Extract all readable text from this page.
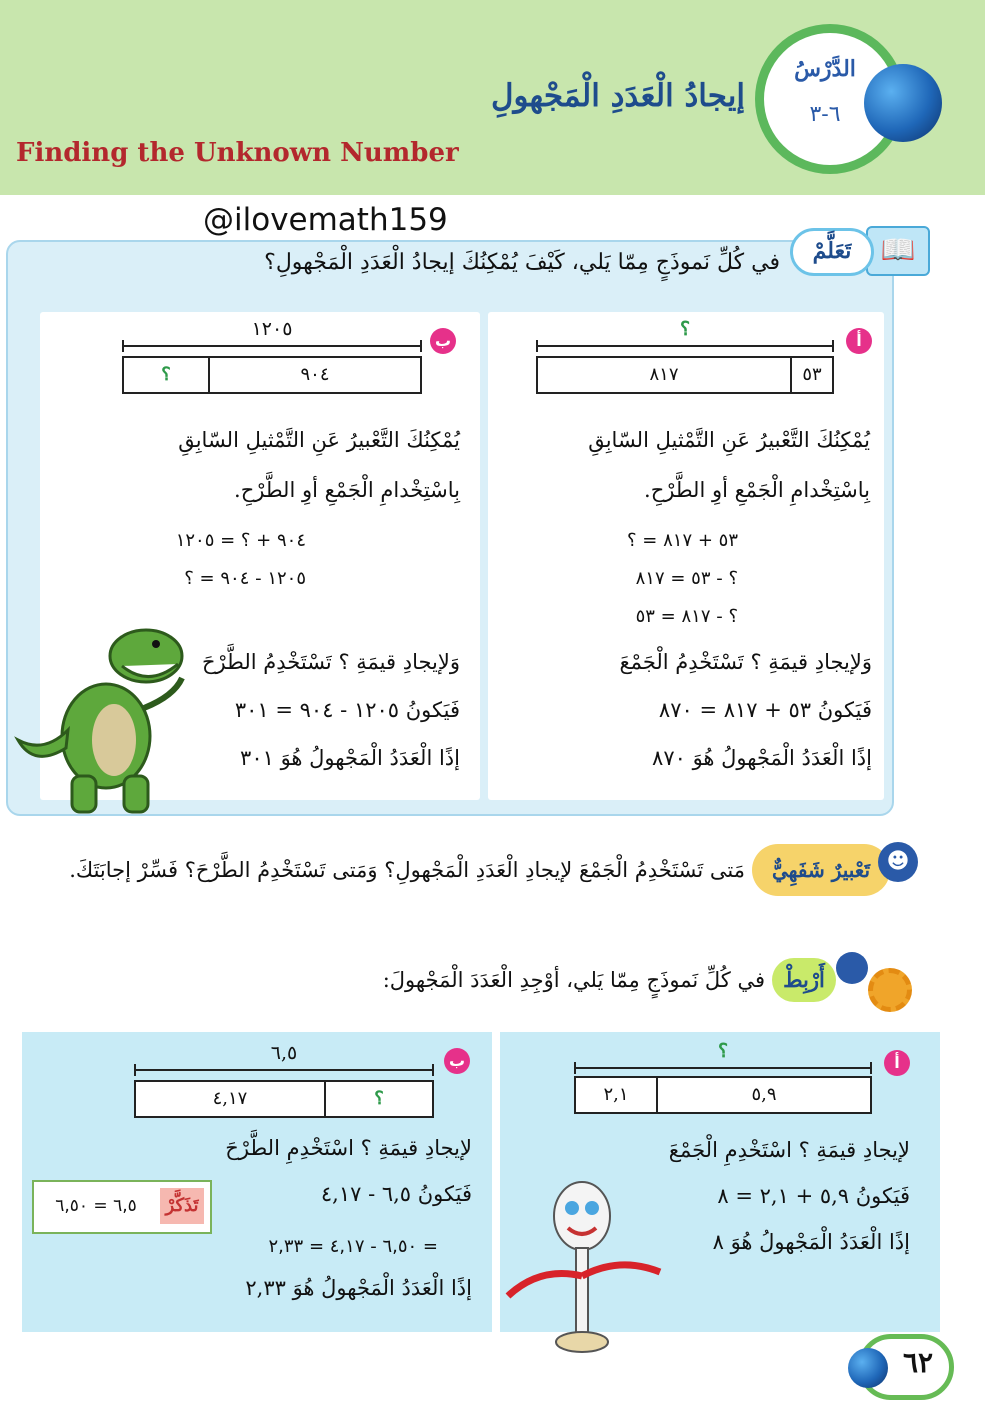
Finding the Unknown Number
إيجادُ الْعَدَدِ الْمَجْهولِ
الدَّرْسُ
٦-٣
@ilovemath159
📖
تَعَلَّمْ
في كُلِّ نَموذَجٍ مِمّا يَلي، كَيْفَ يُمْكِنُكَ إيجادُ الْعَدَدِ الْمَجْهولِ؟
أ
؟
٨١٧	٥٣
يُمْكِنُكَ التَّعْبيرُ عَنِ التَّمْثيلِ السّابِقِ
بِاسْتِخْدامِ الْجَمْعِ أوِ الطَّرْحِ.
٥٣ + ٨١٧ = ؟
؟ - ٥٣ = ٨١٧
؟ - ٨١٧ = ٥٣
وَلإيجادِ قيمَةِ ؟ تَسْتَخْدِمُ الْجَمْعَ
فَيَكونُ ٥٣ + ٨١٧ = ٨٧٠
إذًا الْعَدَدُ الْمَجْهولُ هُوَ ٨٧٠
ب
١٢٠٥
؟	٩٠٤
يُمْكِنُكَ التَّعْبيرُ عَنِ التَّمْثيلِ السّابِقِ
بِاسْتِخْدامِ الْجَمْعِ أوِ الطَّرْحِ.
٩٠٤ + ؟ = ١٢٠٥
١٢٠٥ - ٩٠٤ = ؟
وَلإيجادِ قيمَةِ ؟ تَسْتَخْدِمُ الطَّرْحَ
فَيَكونُ ١٢٠٥ - ٩٠٤ = ٣٠١
إذًا الْعَدَدُ الْمَجْهولُ هُوَ ٣٠١
تَعْبيرٌ شَفَهِيٌّ ☻
مَتى تَسْتَخْدِمُ الْجَمْعَ لإيجادِ الْعَدَدِ الْمَجْهولِ؟ وَمَتى تَسْتَخْدِمُ الطَّرْحَ؟ فَسِّرْ إجابَتَكَ.
أَرْبِطْ
في كُلِّ نَموذَجٍ مِمّا يَلي، أوْجِدِ الْعَدَدَ الْمَجْهولَ:
أ
؟
٢,١	٥,٩
لإيجادِ قيمَةِ ؟ اسْتَخْدِمِ الْجَمْعَ
فَيَكونُ ٥,٩ + ٢,١ = ٨
إذًا الْعَدَدُ الْمَجْهولُ هُوَ ٨
ب
٦,٥
٤,١٧	؟
لإيجادِ قيمَةِ ؟ اسْتَخْدِمِ الطَّرْحَ
فَيَكونُ ٦,٥ - ٤,١٧
= ٦,٥٠ - ٤,١٧ = ٢,٣٣
إذًا الْعَدَدُ الْمَجْهولُ هُوَ ٢,٣٣
تَذَكَّرْ
٦,٥ = ٦,٥٠
٦٢
